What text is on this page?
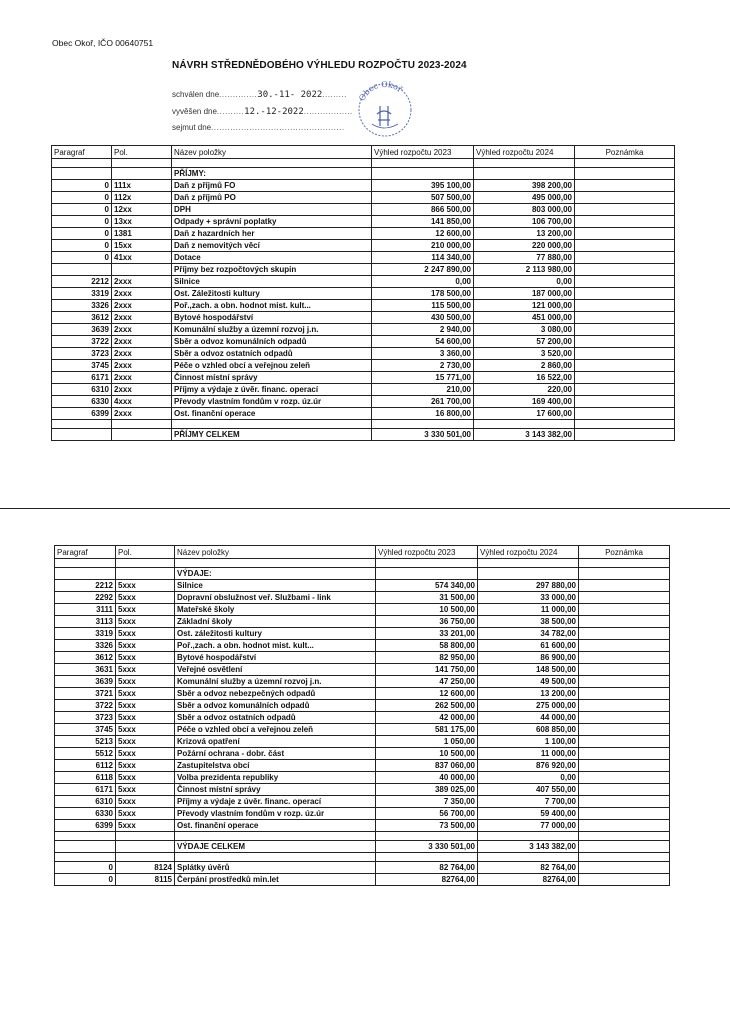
Obec Okoř, IČO 00640751
NÁVRH STŘEDNĚDOBÉHO VÝHLEDU ROZPOČTU 2023-2024
schválen dne..............30.-11- 2022.........
vyvěšen dne..........12.-12-2022..................
sejmut dne.................................................
Obec Okoř
Paragraf	Pol.	Název položky	Výhled rozpočtu 2023	Výhled rozpočtu 2024	Poznámka

		PŘÍJMY:			
0	111x	Daň z příjmů FO	395 100,00	398 200,00	
0	112x	Daň z příjmů PO	507 500,00	495 000,00	
0	12xx	DPH	866 500,00	803 000,00	
0	13xx	Odpady + správní poplatky	141 850,00	106 700,00	
0	1381	Daň z hazardních her	12 600,00	13 200,00	
0	15xx	Daň z nemovitých věcí	210 000,00	220 000,00	
0	41xx	Dotace	114 340,00	77 880,00	
		Příjmy bez rozpočtových skupin	2 247 890,00	2 113 980,00	
2212	2xxx	Silnice	0,00	0,00	
3319	2xxx	Ost. Záležitosti kultury	178 500,00	187 000,00	
3326	2xxx	Poř.,zach. a obn. hodnot mist. kult...	115 500,00	121 000,00	
3612	2xxx	Bytové hospodářství	430 500,00	451 000,00	
3639	2xxx	Komunální služby a územní rozvoj j.n.	2 940,00	3 080,00	
3722	2xxx	Sběr a odvoz komunálních odpadů	54 600,00	57 200,00	
3723	2xxx	Sběr a odvoz ostatních odpadů	3 360,00	3 520,00	
3745	2xxx	Péče o vzhled obcí a veřejnou zeleň	2 730,00	2 860,00	
6171	2xxx	Činnost místní správy	15 771,00	16 522,00	
6310	2xxx	Příjmy a výdaje z úvěr. financ. operací	210,00	220,00	
6330	4xxx	Převody vlastním fondům v rozp. úz.úr	261 700,00	169 400,00	
6399	2xxx	Ost. finanční operace	16 800,00	17 600,00	

		PŘÍJMY CELKEM	3 330 501,00	3 143 382,00	
Paragraf	Pol.	Název položky	Výhled rozpočtu 2023	Výhled rozpočtu 2024	Poznámka

		VÝDAJE:			
2212	5xxx	Silnice	574 340,00	297 880,00	
2292	5xxx	Dopravní obslužnost veř. Službami - link	31 500,00	33 000,00	
3111	5xxx	Mateřské školy	10 500,00	11 000,00	
3113	5xxx	Základní školy	36 750,00	38 500,00	
3319	5xxx	Ost. záležitosti kultury	33 201,00	34 782,00	
3326	5xxx	Poř.,zach. a obn. hodnot mist. kult...	58 800,00	61 600,00	
3612	5xxx	Bytové hospodářství	82 950,00	86 900,00	
3631	5xxx	Veřejné osvětlení	141 750,00	148 500,00	
3639	5xxx	Komunální služby a územní rozvoj j.n.	47 250,00	49 500,00	
3721	5xxx	Sběr a odvoz nebezpečných odpadů	12 600,00	13 200,00	
3722	5xxx	Sběr a odvoz komunálních odpadů	262 500,00	275 000,00	
3723	5xxx	Sběr a odvoz ostatních odpadů	42 000,00	44 000,00	
3745	5xxx	Péče o vzhled obcí a veřejnou zeleň	581 175,00	608 850,00	
5213	5xxx	Krizová opatření	1 050,00	1 100,00	
5512	5xxx	Požární ochrana - dobr. část	10 500,00	11 000,00	
6112	5xxx	Zastupitelstva obcí	837 060,00	876 920,00	
6118	5xxx	Volba prezidenta republiky	40 000,00	0,00	
6171	5xxx	Činnost místní správy	389 025,00	407 550,00	
6310	5xxx	Příjmy a výdaje z úvěr. financ. operací	7 350,00	7 700,00	
6330	5xxx	Převody vlastním fondům v rozp. úz.úr	56 700,00	59 400,00	
6399	5xxx	Ost. finanční operace	73 500,00	77 000,00	

		VÝDAJE CELKEM	3 330 501,00	3 143 382,00	

0	8124	Splátky úvěrů	82 764,00	82 764,00	
0	8115	Čerpání prostředků min.let	82764,00	82764,00	
